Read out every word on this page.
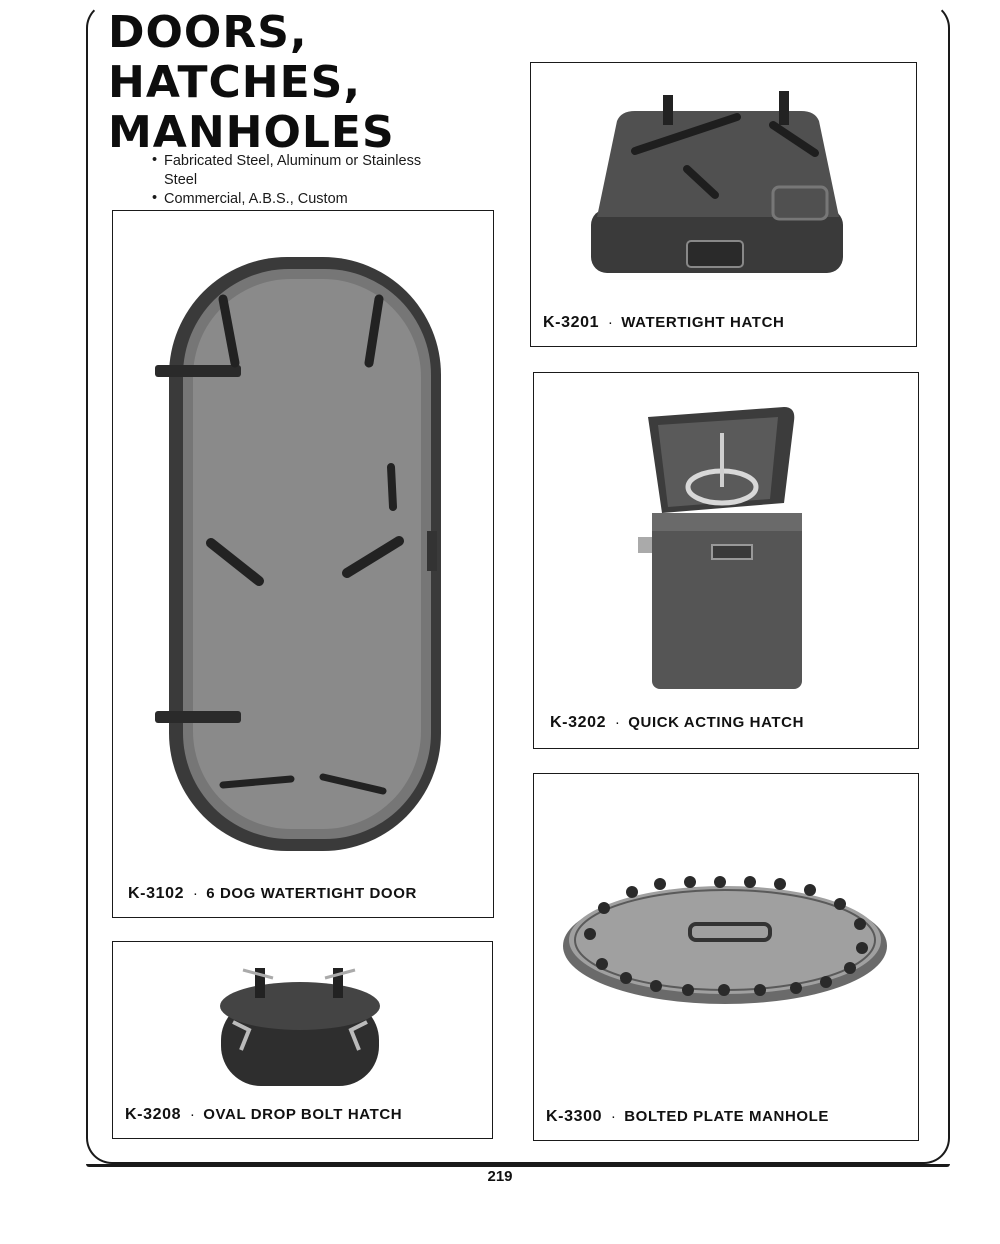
DOORS,
HATCHES,
MANHOLES
• Fabricated Steel, Aluminum or Stainless
Steel
• Commercial, A.B.S., Custom
K-3102 · 6 DOG WATERTIGHT DOOR
K-3201 · WATERTIGHT HATCH
K-3202 · QUICK ACTING HATCH
K-3208 · OVAL DROP BOLT HATCH	K-3300 · BOLTED PLATE MANHOLE
219
